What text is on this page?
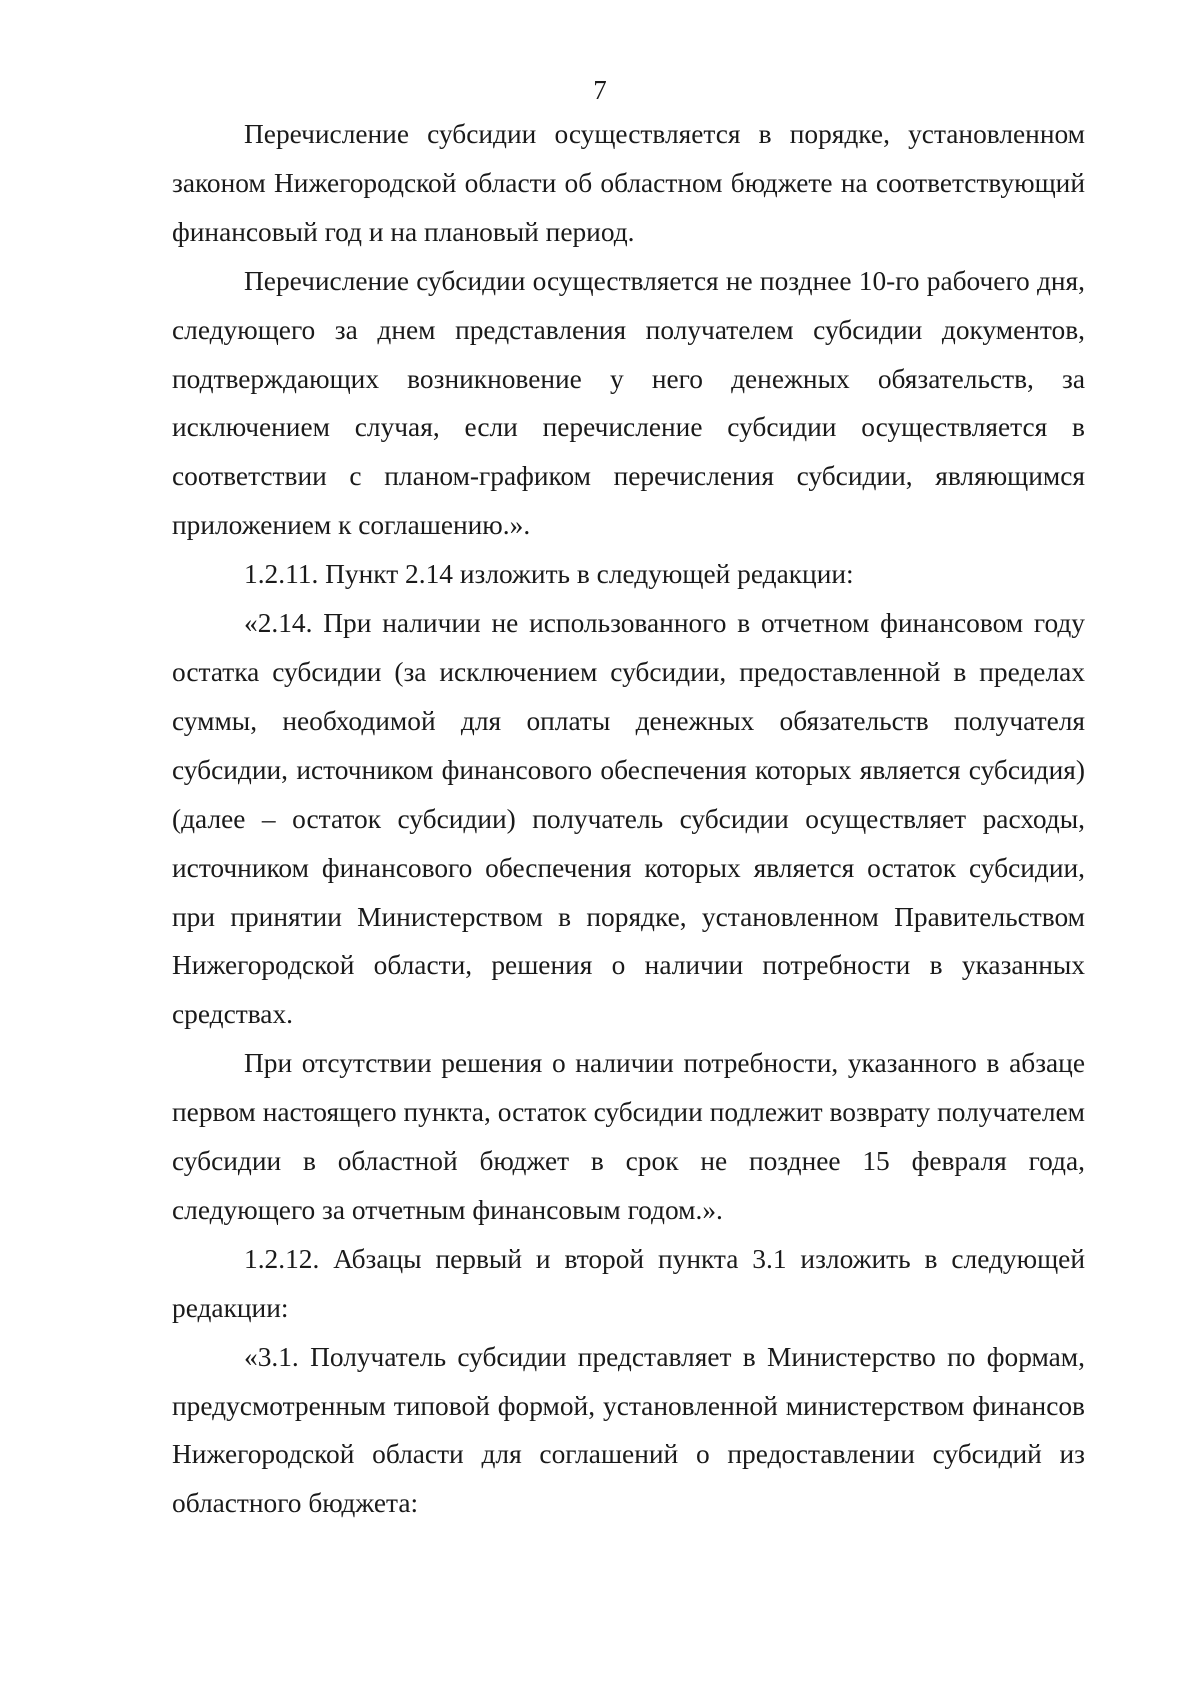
7

Перечисление субсидии осуществляется в порядке, установленном законом Нижегородской области об областном бюджете на соответствующий финансовый год и на плановый период.

Перечисление субсидии осуществляется не позднее 10-го рабочего дня, следующего за днем представления получателем субсидии документов, подтверждающих возникновение у него денежных обязательств, за исключением случая, если перечисление субсидии осуществляется в соответствии с планом-графиком перечисления субсидии, являющимся приложением к соглашению.».

1.2.11. Пункт 2.14 изложить в следующей редакции:

«2.14. При наличии не использованного в отчетном финансовом году остатка субсидии (за исключением субсидии, предоставленной в пределах суммы, необходимой для оплаты денежных обязательств получателя субсидии, источником финансового обеспечения которых является субсидия) (далее – остаток субсидии) получатель субсидии осуществляет расходы, источником финансового обеспечения которых является остаток субсидии, при принятии Министерством в порядке, установленном Правительством Нижегородской области, решения о наличии потребности в указанных средствах.

При отсутствии решения о наличии потребности, указанного в абзаце первом настоящего пункта, остаток субсидии подлежит возврату получателем субсидии в областной бюджет в срок не позднее 15 февраля года, следующего за отчетным финансовым годом.».

1.2.12. Абзацы первый и второй пункта 3.1 изложить в следующей редакции:

«3.1. Получатель субсидии представляет в Министерство по формам, предусмотренным типовой формой, установленной министерством финансов Нижегородской области для соглашений о предоставлении субсидий из областного бюджета:
